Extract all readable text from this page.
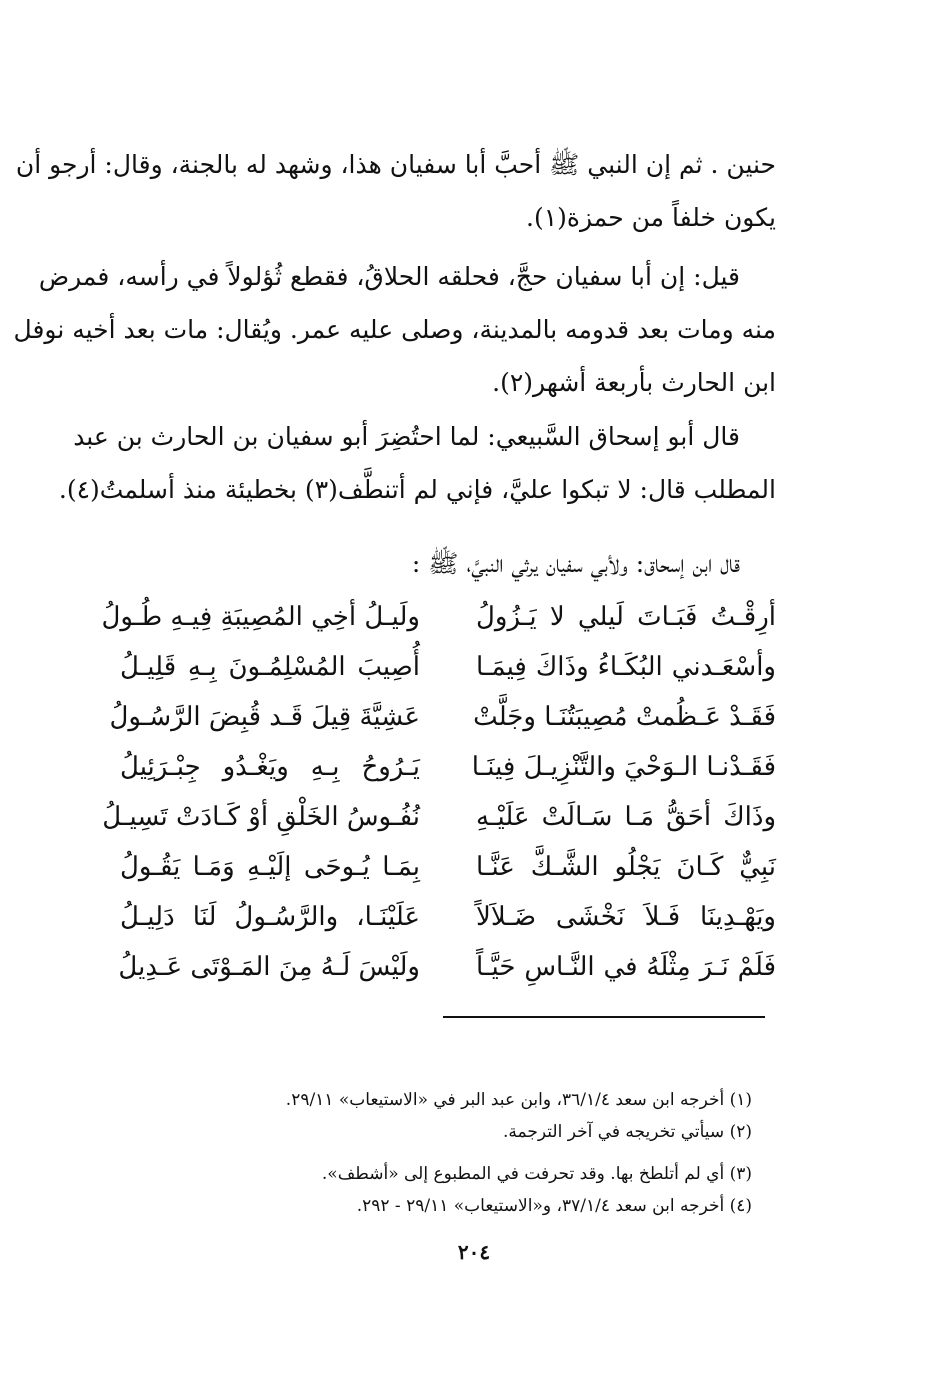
حنين . ثم إن النبي ﷺ أحبَّ أبا سفيان هذا، وشهد له بالجنة، وقال: أرجو أن
يكون خلفاً من حمزة(١).
قيل: إن أبا سفيان حجَّ، فحلقه الحلاقُ، فقطع ثُؤلولاً في رأسه، فمرض
منه ومات بعد قدومه بالمدينة، وصلى عليه عمر. ويُقال: مات بعد أخيه نوفل
ابن الحارث بأربعة أشهر(٢).
قال أبو إسحاق السَّبيعي: لما احتُضِرَ أبو سفيان بن الحارث بن عبد
المطلب قال: لا تبكوا عليَّ، فإني لم أتنطَّف(٣) بخطيئة منذ أسلمتُ(٤).
قال ابن إسحاق: ولأبي سفيان يرثي النبيَّ، ﷺ :
أرِقْـتُ فَبَـاتَ لَيلي لا يَـزُولُ
ولَيـلُ أخِي المُصِيبَةِ فِيـهِ طُـولُ
وأسْعَـدني البُكَـاءُ وذَاكَ فِيمَـا
أُصِيبَ المُسْلِمُـونَ بِـهِ قَلِيـلُ
فَقَـدْ عَـظُمتْ مُصِيبَتُنَـا وجَلَّتْ
عَشِيَّةَ قِيلَ قَـد قُبِضَ الرَّسُـولُ
فَقَـدْنـا الـوَحْيَ والتَّنْزِيـلَ فِينَـا
يَـرُوحُ بِـهِ ويَغْـدُو جِبْـرَئِيلُ
وذَاكَ أحَقُّ مَـا سَـالَتْ عَلَيْـهِ
نُفُـوسُ الخَلْقِ أوْ كَـادَتْ تَسِيـلُ
نَبِيٌّ كَـانَ يَجْلُو الشَّـكَّ عَنَّـا
بِمَـا يُـوحَى إلَيْـهِ وَمَـا يَقُـولُ
ويَهْـدِينَا فَـلاَ نَخْشَى ضَـلاَلاً
عَلَيْنَـا، والرَّسُـولُ لَنَا دَلِيـلُ
فَلَمْ نَـرَ مِثْلَهُ في النَّـاسِ حَيَّـاً
ولَيْسَ لَـهُ مِنَ المَـوْتَى عَـدِيلُ
(١) أخرجه ابن سعد ٣٦/١/٤، وابن عبد البر في «الاستيعاب» ٢٩/١١.
(٢) سيأتي تخريجه في آخر الترجمة.
(٣) أي لم أتلطخ بها. وقد تحرفت في المطبوع إلى «أشطف».
(٤) أخرجه ابن سعد ٣٧/١/٤، و«الاستيعاب» ٢٩/١١ - ٢٩٢.
٢٠٤
